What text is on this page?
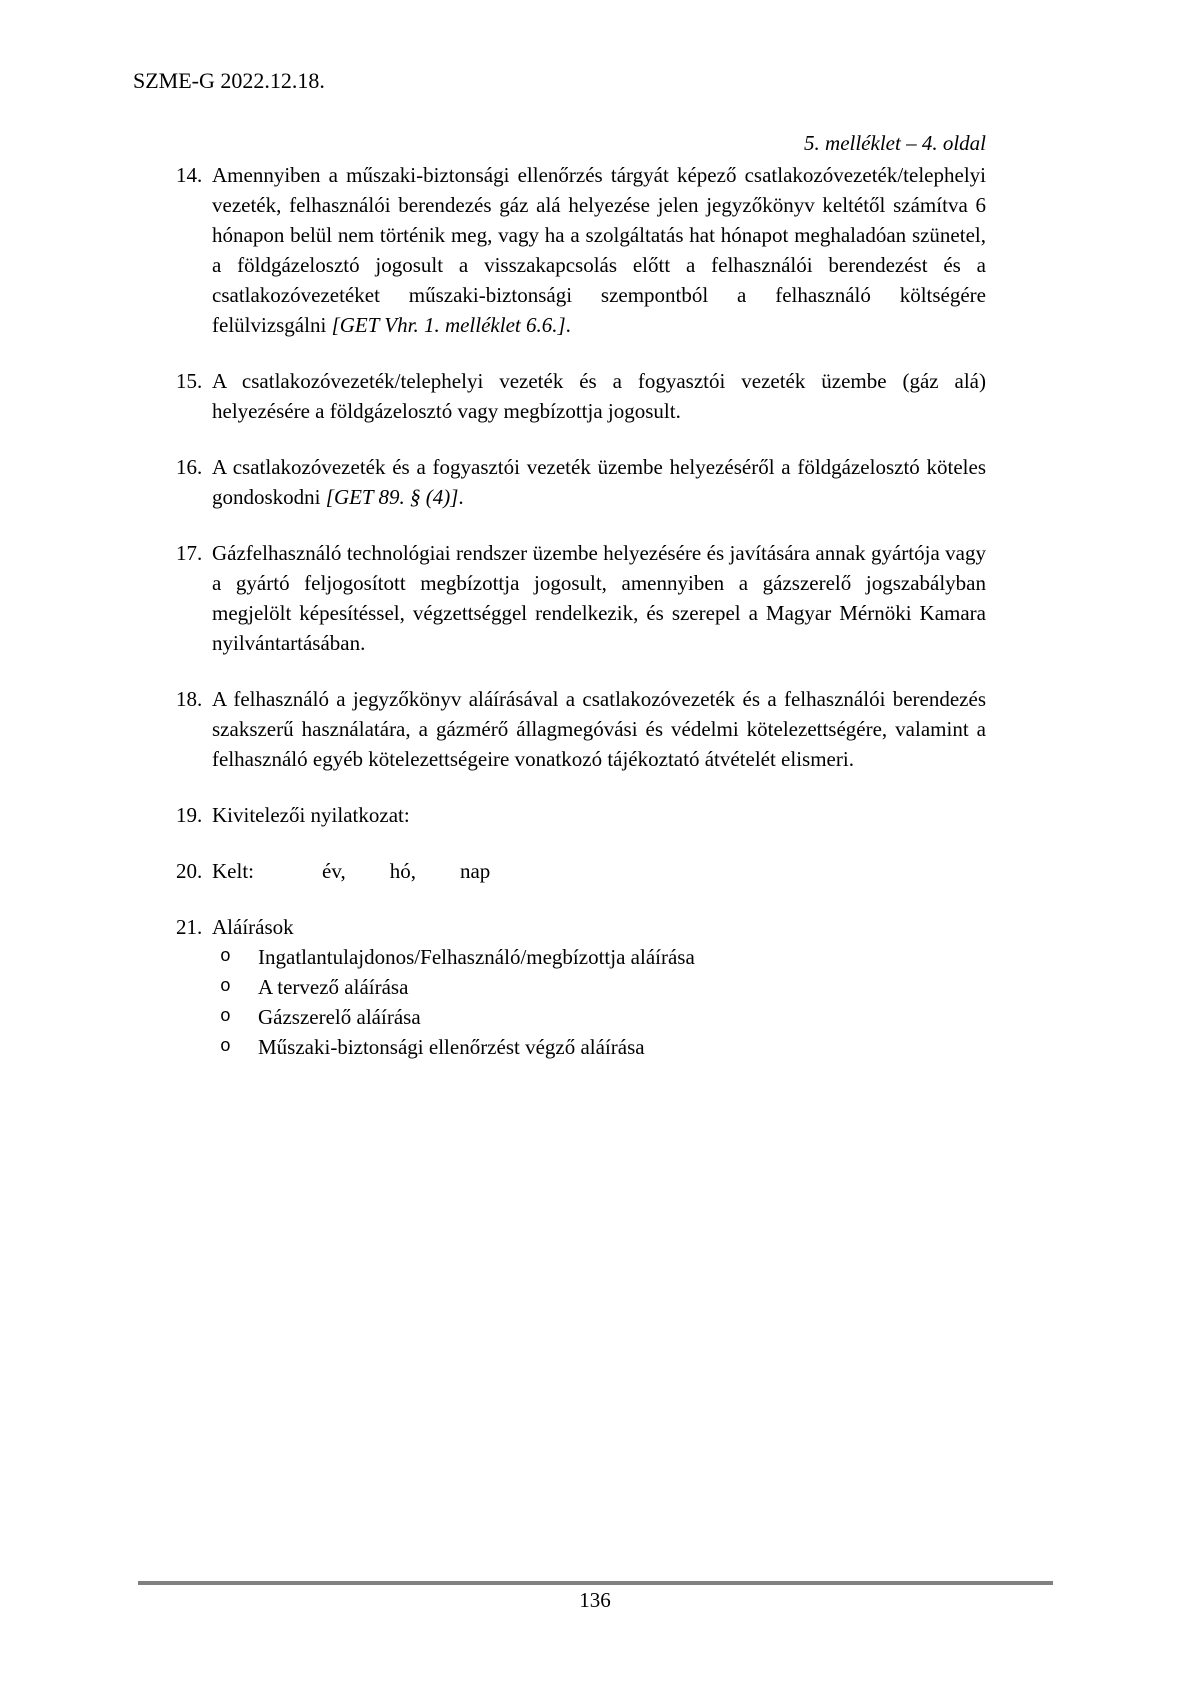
SZME-G 2022.12.18.
5. melléklet – 4. oldal
14. Amennyiben a műszaki-biztonsági ellenőrzés tárgyát képező csatlakozóvezeték/telephelyi vezeték, felhasználói berendezés gáz alá helyezése jelen jegyzőkönyv keltétől számítva 6 hónapon belül nem történik meg, vagy ha a szolgáltatás hat hónapot meghaladóan szünetel, a földgázelosztó jogosult a visszakapcsolás előtt a felhasználói berendezést és a csatlakozóvezetéket műszaki-biztonsági szempontból a felhasználó költségére felülvizsgálni [GET Vhr. 1. melléklet 6.6.].
15. A csatlakozóvezeték/telephelyi vezeték és a fogyasztói vezeték üzembe (gáz alá) helyezésére a földgázelosztó vagy megbízottja jogosult.
16. A csatlakozóvezeték és a fogyasztói vezeték üzembe helyezéséről a földgázelosztó köteles gondoskodni [GET 89. § (4)].
17. Gázfelhasználó technológiai rendszer üzembe helyezésére és javítására annak gyártója vagy a gyártó feljogosított megbízottja jogosult, amennyiben a gázszerelő jogszabályban megjelölt képesítéssel, végzettséggel rendelkezik, és szerepel a Magyar Mérnöki Kamara nyilvántartásában.
18. A felhasználó a jegyzőkönyv aláírásával a csatlakozóvezeték és a felhasználói berendezés szakszerű használatára, a gázmérő állagmegóvási és védelmi kötelezettségére, valamint a felhasználó egyéb kötelezettségeire vonatkozó tájékoztató átvételét elismeri.
19. Kivitelezői nyilatkozat:
20. Kelt:	év, hó, nap
21. Aláírások
o	Ingatlantulajdonos/Felhasználó/megbízottja aláírása
o	A tervező aláírása
o	Gázszerelő aláírása
o	Műszaki-biztonsági ellenőrzést végző aláírása
136
